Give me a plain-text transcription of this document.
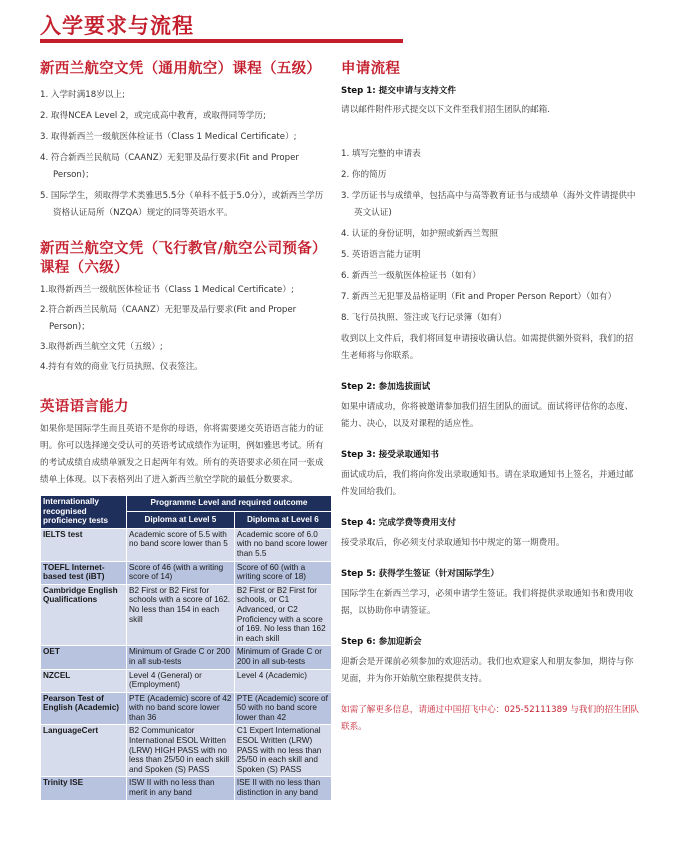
入学要求与流程
新西兰航空文凭（通用航空）课程（五级）
1. 入学时满18岁以上;
2. 取得NCEA Level 2，或完成高中教育，或取得同等学历;
3. 取得新西兰一级航医体检证书（Class 1 Medical Certificate）;
4. 符合新西兰民航局（CAANZ）无犯罪及品行要求(Fit and Proper Person)；
5. 国际学生，须取得学术类雅思5.5分（单科不低于5.0分），或新西兰学历资格认证局所（NZQA）规定的同等英语水平。
新西兰航空文凭（飞行教官/航空公司预备）课程（六级）
1.取得新西兰一级航医体检证书（Class 1 Medical Certificate）;
2.符合新西兰民航局（CAANZ）无犯罪及品行要求(Fit and Proper Person)；
3.取得新西兰航空文凭（五级）;
4.持有有效的商业飞行员执照、仪表签注。
英语语言能力

如果你是国际学生而且英语不是你的母语，你将需要递交英语语言能力的证明。你可以选择递交受认可的英语考试成绩作为证明，例如雅思考试。所有的考试成绩自成绩单颁发之日起两年有效。所有的英语要求必须在同一张成绩单上体现。以下表格列出了进入新西兰航空学院的最低分数要求。

Internationally recognised proficiency tests	Programme Level and required outcome	
	Diploma at Level 5	Diploma at Level 6
IELTS test	Academic score of 5.5 with no band score lower than 5	Academic score of 6.0 with no band score lower than 5.5
TOEFL Internet-based test (iBT)	Score of 46 (with a writing score of 14)	Score of 60 (with a writing score of 18)
Cambridge English Qualifications	B2 First or B2 First for schools with a score of 162. No less than 154 in each skill	B2 First or B2 First for schools, or C1 Advanced, or C2 Proficiency with a score of 169. No less than 162 in each skill
OET	Minimum of Grade C or 200 in all sub-tests	Minimum of Grade C or 200 in all sub-tests
NZCEL	Level 4 (General) or (Employment)	Level 4 (Academic)
Pearson Test of English (Academic)	PTE (Academic) score of 42 with no band score lower than 36	PTE (Academic) score of 50 with no band score lower than 42
LanguageCert	B2 Communicator International ESOL Written (LRW) HIGH PASS with no less than 25/50 in each skill and Spoken (S) PASS	C1 Expert International ESOL Written (LRW) PASS with no less than 25/50 in each skill and Spoken (S) PASS
Trinity ISE	ISW II with no less than merit in any band	ISE II with no less than distinction in any band
申请流程
Step 1: 提交申请与支持文件

请以邮件附件形式提交以下文件至我们招生团队的邮箱.

1. 填写完整的申请表
2. 你的简历
3. 学历证书与成绩单，包括高中与高等教育证书与成绩单（海外文件请提供中英文认证)
4. 认证的身份证明，如护照或新西兰驾照
5. 英语语言能力证明
6. 新西兰一级航医体检证书（如有）
7. 新西兰无犯罪及品格证明（Fit and Proper Person Report）（如有）
8. 飞行员执照、签注或飞行记录簿（如有）

收到以上文件后，我们将回复申请接收确认信。如需提供额外资料，我们的招生老师将与你联系。

Step 2: 参加选拔面试

如果申请成功，你将被邀请参加我们招生团队的面试。面试将评估你的态度、能力、决心，以及对课程的适应性。

Step 3: 接受录取通知书

面试成功后，我们将向你发出录取通知书。请在录取通知书上签名，并通过邮件发回给我们。

Step 4: 完成学费等费用支付

接受录取后，你必须支付录取通知书中规定的第一期费用。

Step 5: 获得学生签证（针对国际学生）

国际学生在新西兰学习，必须申请学生签证。我们将提供录取通知书和费用收据，以协助你申请签证。

Step 6: 参加迎新会

迎新会是开课前必须参加的欢迎活动。我们也欢迎家人和朋友参加，期待与你见面，并为你开始航空旅程提供支持。

如需了解更多信息，请通过中国招飞中心：025-52111389 与我们的招生团队联系。
